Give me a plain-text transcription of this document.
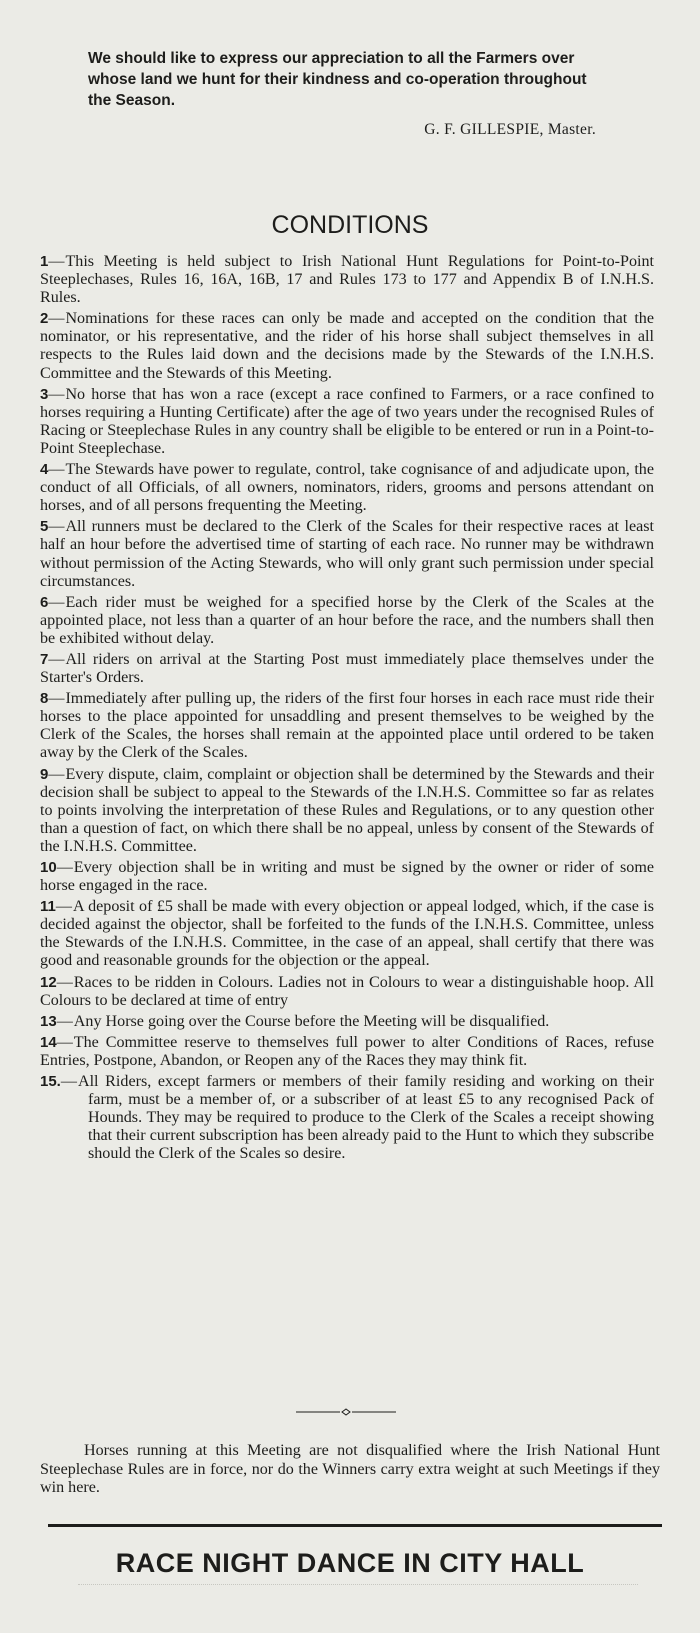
We should like to express our appreciation to all the Farmers over whose land we hunt for their kindness and co-operation throughout the Season.
G. F. GILLESPIE, Master.
CONDITIONS

1—This Meeting is held subject to Irish National Hunt Regulations for Point-to-Point Steeplechases, Rules 16, 16A, 16B, 17 and Rules 173 to 177 and Appendix B of I.N.H.S. Rules.

2—Nominations for these races can only be made and accepted on the condition that the nominator, or his representative, and the rider of his horse shall subject themselves in all respects to the Rules laid down and the decisions made by the Stewards of the I.N.H.S. Committee and the Stewards of this Meeting.

3—No horse that has won a race (except a race confined to Farmers, or a race confined to horses requiring a Hunting Certificate) after the age of two years under the recognised Rules of Racing or Steeplechase Rules in any country shall be eligible to be entered or run in a Point-to-Point Steeplechase.

4—The Stewards have power to regulate, control, take cognisance of and adjudicate upon, the conduct of all Officials, of all owners, nominators, riders, grooms and persons attendant on horses, and of all persons frequenting the Meeting.

5—All runners must be declared to the Clerk of the Scales for their respective races at least half an hour before the advertised time of starting of each race. No runner may be withdrawn without permission of the Acting Stewards, who will only grant such permission under special circumstances.

6—Each rider must be weighed for a specified horse by the Clerk of the Scales at the appointed place, not less than a quarter of an hour before the race, and the numbers shall then be exhibited without delay.

7—All riders on arrival at the Starting Post must immediately place themselves under the Starter's Orders.

8—Immediately after pulling up, the riders of the first four horses in each race must ride their horses to the place appointed for unsaddling and present themselves to be weighed by the Clerk of the Scales, the horses shall remain at the appointed place until ordered to be taken away by the Clerk of the Scales.

9—Every dispute, claim, complaint or objection shall be determined by the Stewards and their decision shall be subject to appeal to the Stewards of the I.N.H.S. Committee so far as relates to points involving the interpretation of these Rules and Regulations, or to any question other than a question of fact, on which there shall be no appeal, unless by consent of the Stewards of the I.N.H.S. Committee.

10—Every objection shall be in writing and must be signed by the owner or rider of some horse engaged in the race.

11—A deposit of £5 shall be made with every objection or appeal lodged, which, if the case is decided against the objector, shall be forfeited to the funds of the I.N.H.S. Committee, unless the Stewards of the I.N.H.S. Committee, in the case of an appeal, shall certify that there was good and reasonable grounds for the objection or the appeal.

12—Races to be ridden in Colours. Ladies not in Colours to wear a distinguishable hoop. All Colours to be declared at time of entry

13—Any Horse going over the Course before the Meeting will be disqualified.

14—The Committee reserve to themselves full power to alter Conditions of Races, refuse Entries, Postpone, Abandon, or Reopen any of the Races they may think fit.

15.—All Riders, except farmers or members of their family residing and working on their farm, must be a member of, or a subscriber of at least £5 to any recognised Pack of Hounds. They may be required to produce to the Clerk of the Scales a receipt showing that their current subscription has been already paid to the Hunt to which they subscribe should the Clerk of the Scales so desire.

Horses running at this Meeting are not disqualified where the Irish National Hunt Steeplechase Rules are in force, nor do the Winners carry extra weight at such Meetings if they win here.
RACE NIGHT DANCE IN CITY HALL
